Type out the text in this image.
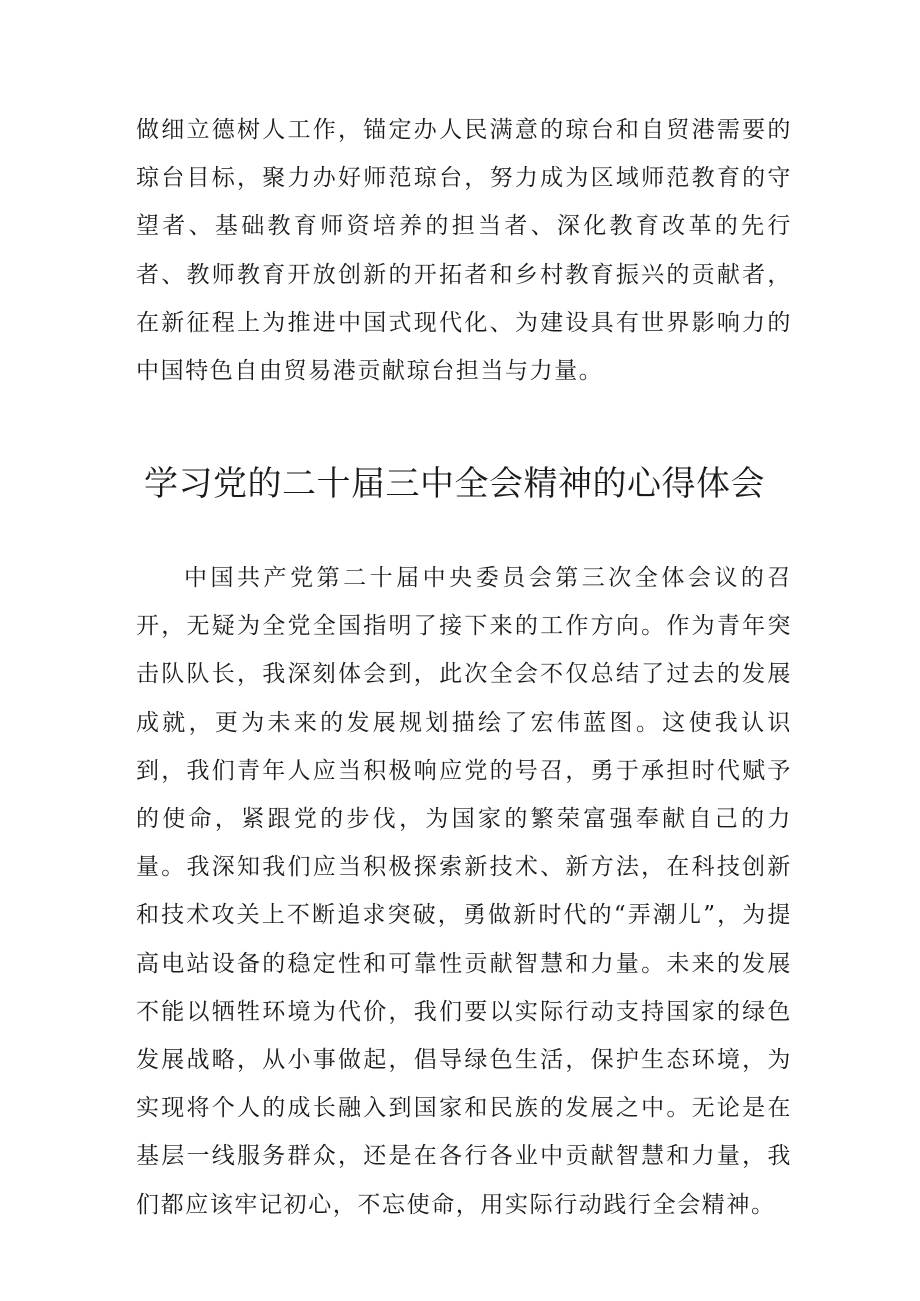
做细立德树人工作，锚定办人民满意的琼台和自贸港需要的琼台目标，聚力办好师范琼台，努力成为区域师范教育的守望者、基础教育师资培养的担当者、深化教育改革的先行者、教师教育开放创新的开拓者和乡村教育振兴的贡献者，在新征程上为推进中国式现代化、为建设具有世界影响力的中国特色自由贸易港贡献琼台担当与力量。

学习党的二十届三中全会精神的心得体会

中国共产党第二十届中央委员会第三次全体会议的召开，无疑为全党全国指明了接下来的工作方向。作为青年突击队队长，我深刻体会到，此次全会不仅总结了过去的发展成就，更为未来的发展规划描绘了宏伟蓝图。这使我认识到，我们青年人应当积极响应党的号召，勇于承担时代赋予的使命，紧跟党的步伐，为国家的繁荣富强奉献自己的力量。我深知我们应当积极探索新技术、新方法，在科技创新和技术攻关上不断追求突破，勇做新时代的“弄潮儿”，为提高电站设备的稳定性和可靠性贡献智慧和力量。未来的发展不能以牺牲环境为代价，我们要以实际行动支持国家的绿色发展战略，从小事做起，倡导绿色生活，保护生态环境，为实现将个人的成长融入到国家和民族的发展之中。无论是在基层一线服务群众，还是在各行各业中贡献智慧和力量，我们都应该牢记初心，不忘使命，用实际行动践行全会精神。
